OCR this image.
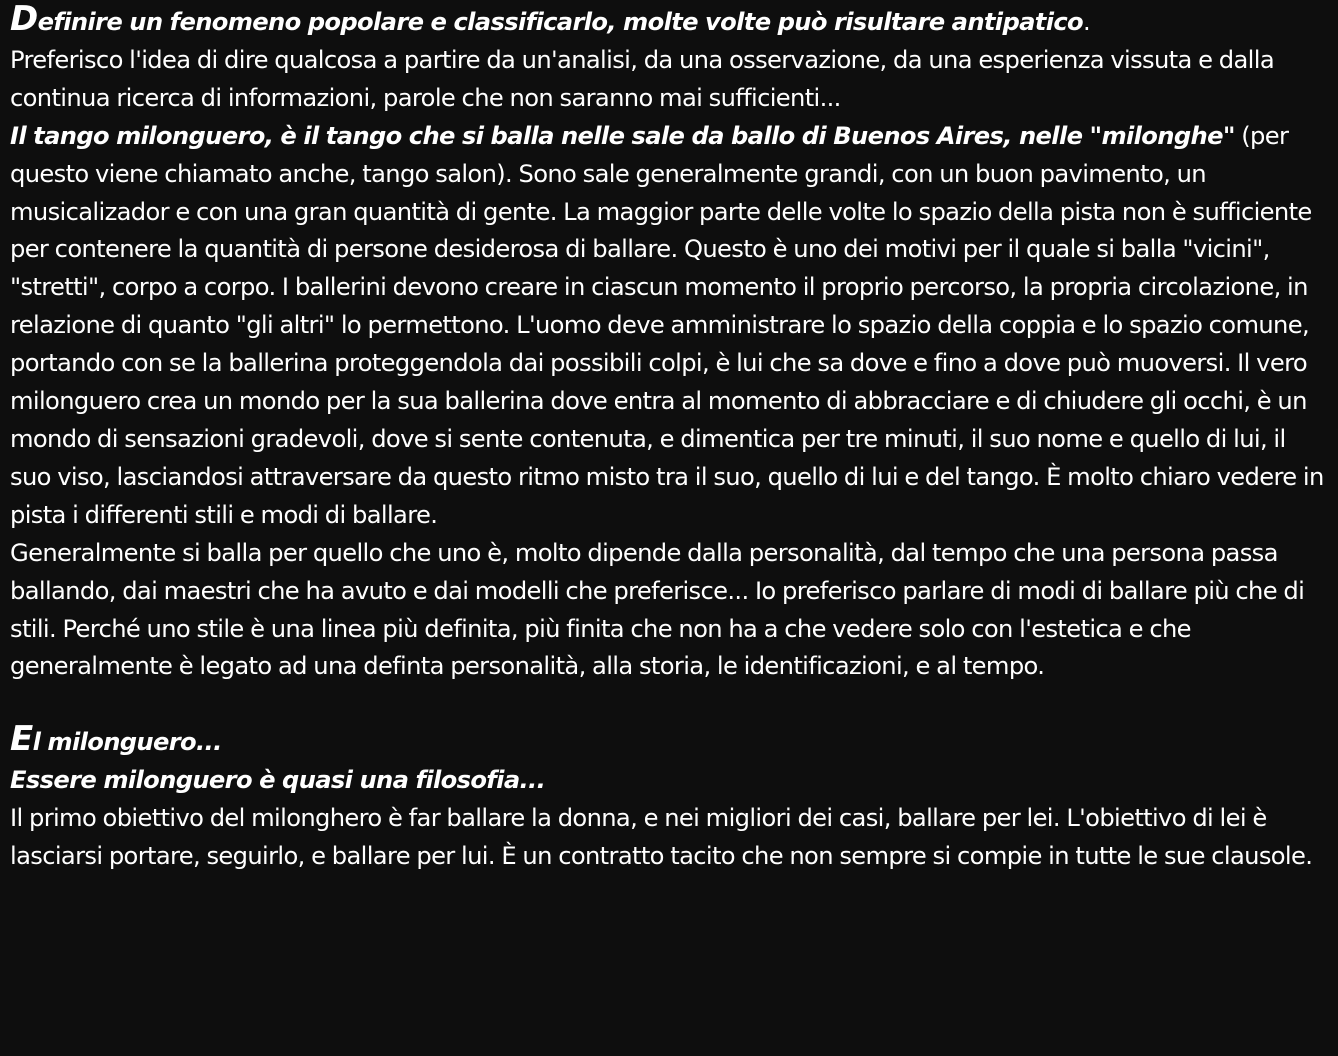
Definire un fenomeno popolare e classificarlo, molte volte può risultare antipatico.
Preferisco l'idea di dire qualcosa a partire da un'analisi, da una osservazione, da una esperienza vissuta e dalla continua ricerca di informazioni, parole che non saranno mai sufficienti...

Il tango milonguero, è il tango che si balla nelle sale da ballo di Buenos Aires, nelle "milonghe" (per questo viene chiamato anche, tango salon). Sono sale generalmente grandi, con un buon pavimento, un musicalizador e con una gran quantità di gente. La maggior parte delle volte lo spazio della pista non è sufficiente per contenere la quantità di persone desiderosa di ballare. Questo è uno dei motivi per il quale si balla "vicini", "stretti", corpo a corpo. I ballerini devono creare in ciascun momento il proprio percorso, la propria circolazione, in relazione di quanto "gli altri" lo permettono. L'uomo deve amministrare lo spazio della coppia e lo spazio comune, portando con se la ballerina proteggendola dai possibili colpi, è lui che sa dove e fino a dove può muoversi. Il vero milonguero crea un mondo per la sua ballerina dove entra al momento di abbracciare e di chiudere gli occhi, è un mondo di sensazioni gradevoli, dove si sente contenuta, e dimentica per tre minuti, il suo nome e quello di lui, il suo viso, lasciandosi attraversare da questo ritmo misto tra il suo, quello di lui e del tango. È molto chiaro vedere in pista i differenti stili e modi di ballare.

Generalmente si balla per quello che uno è, molto dipende dalla personalità, dal tempo che una persona passa ballando, dai maestri che ha avuto e dai modelli che preferisce... Io preferisco parlare di modi di ballare più che di stili. Perché uno stile è una linea più definita, più finita che non ha a che vedere solo con l'estetica e che generalmente è legato ad una definta personalità, alla storia, le identificazioni, e al tempo.

El milonguero...

Essere milonguero è quasi una filosofia...

Il primo obiettivo del milonghero è far ballare la donna, e nei migliori dei casi, ballare per lei. L'obiettivo di lei è lasciarsi portare, seguirlo, e ballare per lui. È un contratto tacito che non sempre si compie in tutte le sue clausole.
